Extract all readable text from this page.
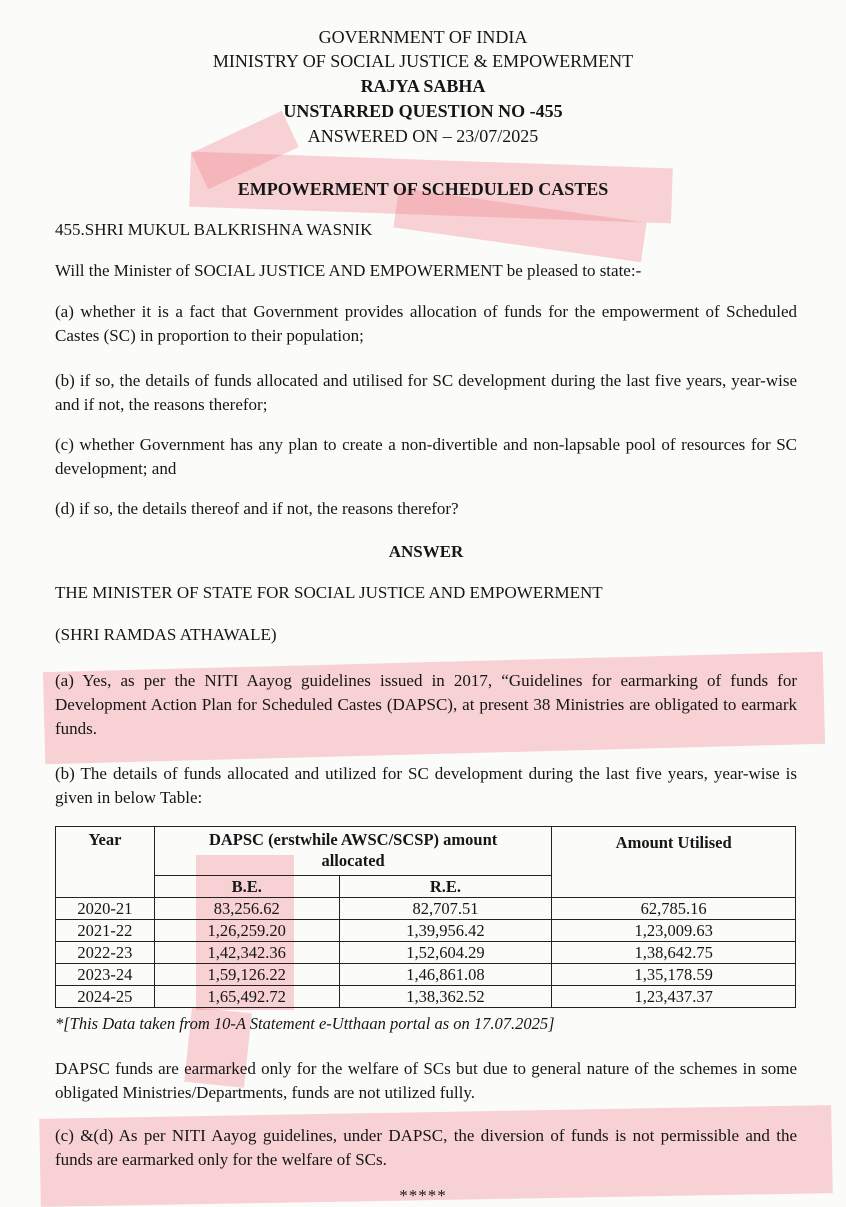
GOVERNMENT OF INDIA
MINISTRY OF SOCIAL JUSTICE & EMPOWERMENT
RAJYA SABHA
UNSTARRED QUESTION NO -455
ANSWERED ON – 23/07/2025
EMPOWERMENT OF SCHEDULED CASTES
455.SHRI MUKUL BALKRISHNA WASNIK
Will the Minister of SOCIAL JUSTICE AND EMPOWERMENT be pleased to state:-
(a) whether it is a fact that Government provides allocation of funds for the empowerment of Scheduled Castes (SC) in proportion to their population;
(b) if so, the details of funds allocated and utilised for SC development during the last five years, year-wise and if not, the reasons therefor;
(c) whether Government has any plan to create a non-divertible and non-lapsable pool of resources for SC development; and
(d) if so, the details thereof and if not, the reasons therefor?
ANSWER
THE MINISTER OF STATE FOR SOCIAL JUSTICE AND EMPOWERMENT
(SHRI RAMDAS ATHAWALE)
(a) Yes, as per the NITI Aayog guidelines issued in 2017, “Guidelines for earmarking of funds for Development Action Plan for Scheduled Castes (DAPSC), at present 38 Ministries are obligated to earmark funds.
(b) The details of funds allocated and utilized for SC development during the last five years, year-wise is given in below Table:
Year	DAPSC (erstwhile AWSC/SCSP) amount allocated		Amount Utilised
	B.E.	R.E.	
2020-21	83,256.62	82,707.51	62,785.16
2021-22	1,26,259.20	1,39,956.42	1,23,009.63
2022-23	1,42,342.36	1,52,604.29	1,38,642.75
2023-24	1,59,126.22	1,46,861.08	1,35,178.59
2024-25	1,65,492.72	1,38,362.52	1,23,437.37
*[This Data taken from 10-A Statement e-Utthaan portal as on 17.07.2025]
DAPSC funds are earmarked only for the welfare of SCs but due to general nature of the schemes in some obligated Ministries/Departments, funds are not utilized fully.
(c) &(d) As per NITI Aayog guidelines, under DAPSC, the diversion of funds is not permissible and the funds are earmarked only for the welfare of SCs.
*****
